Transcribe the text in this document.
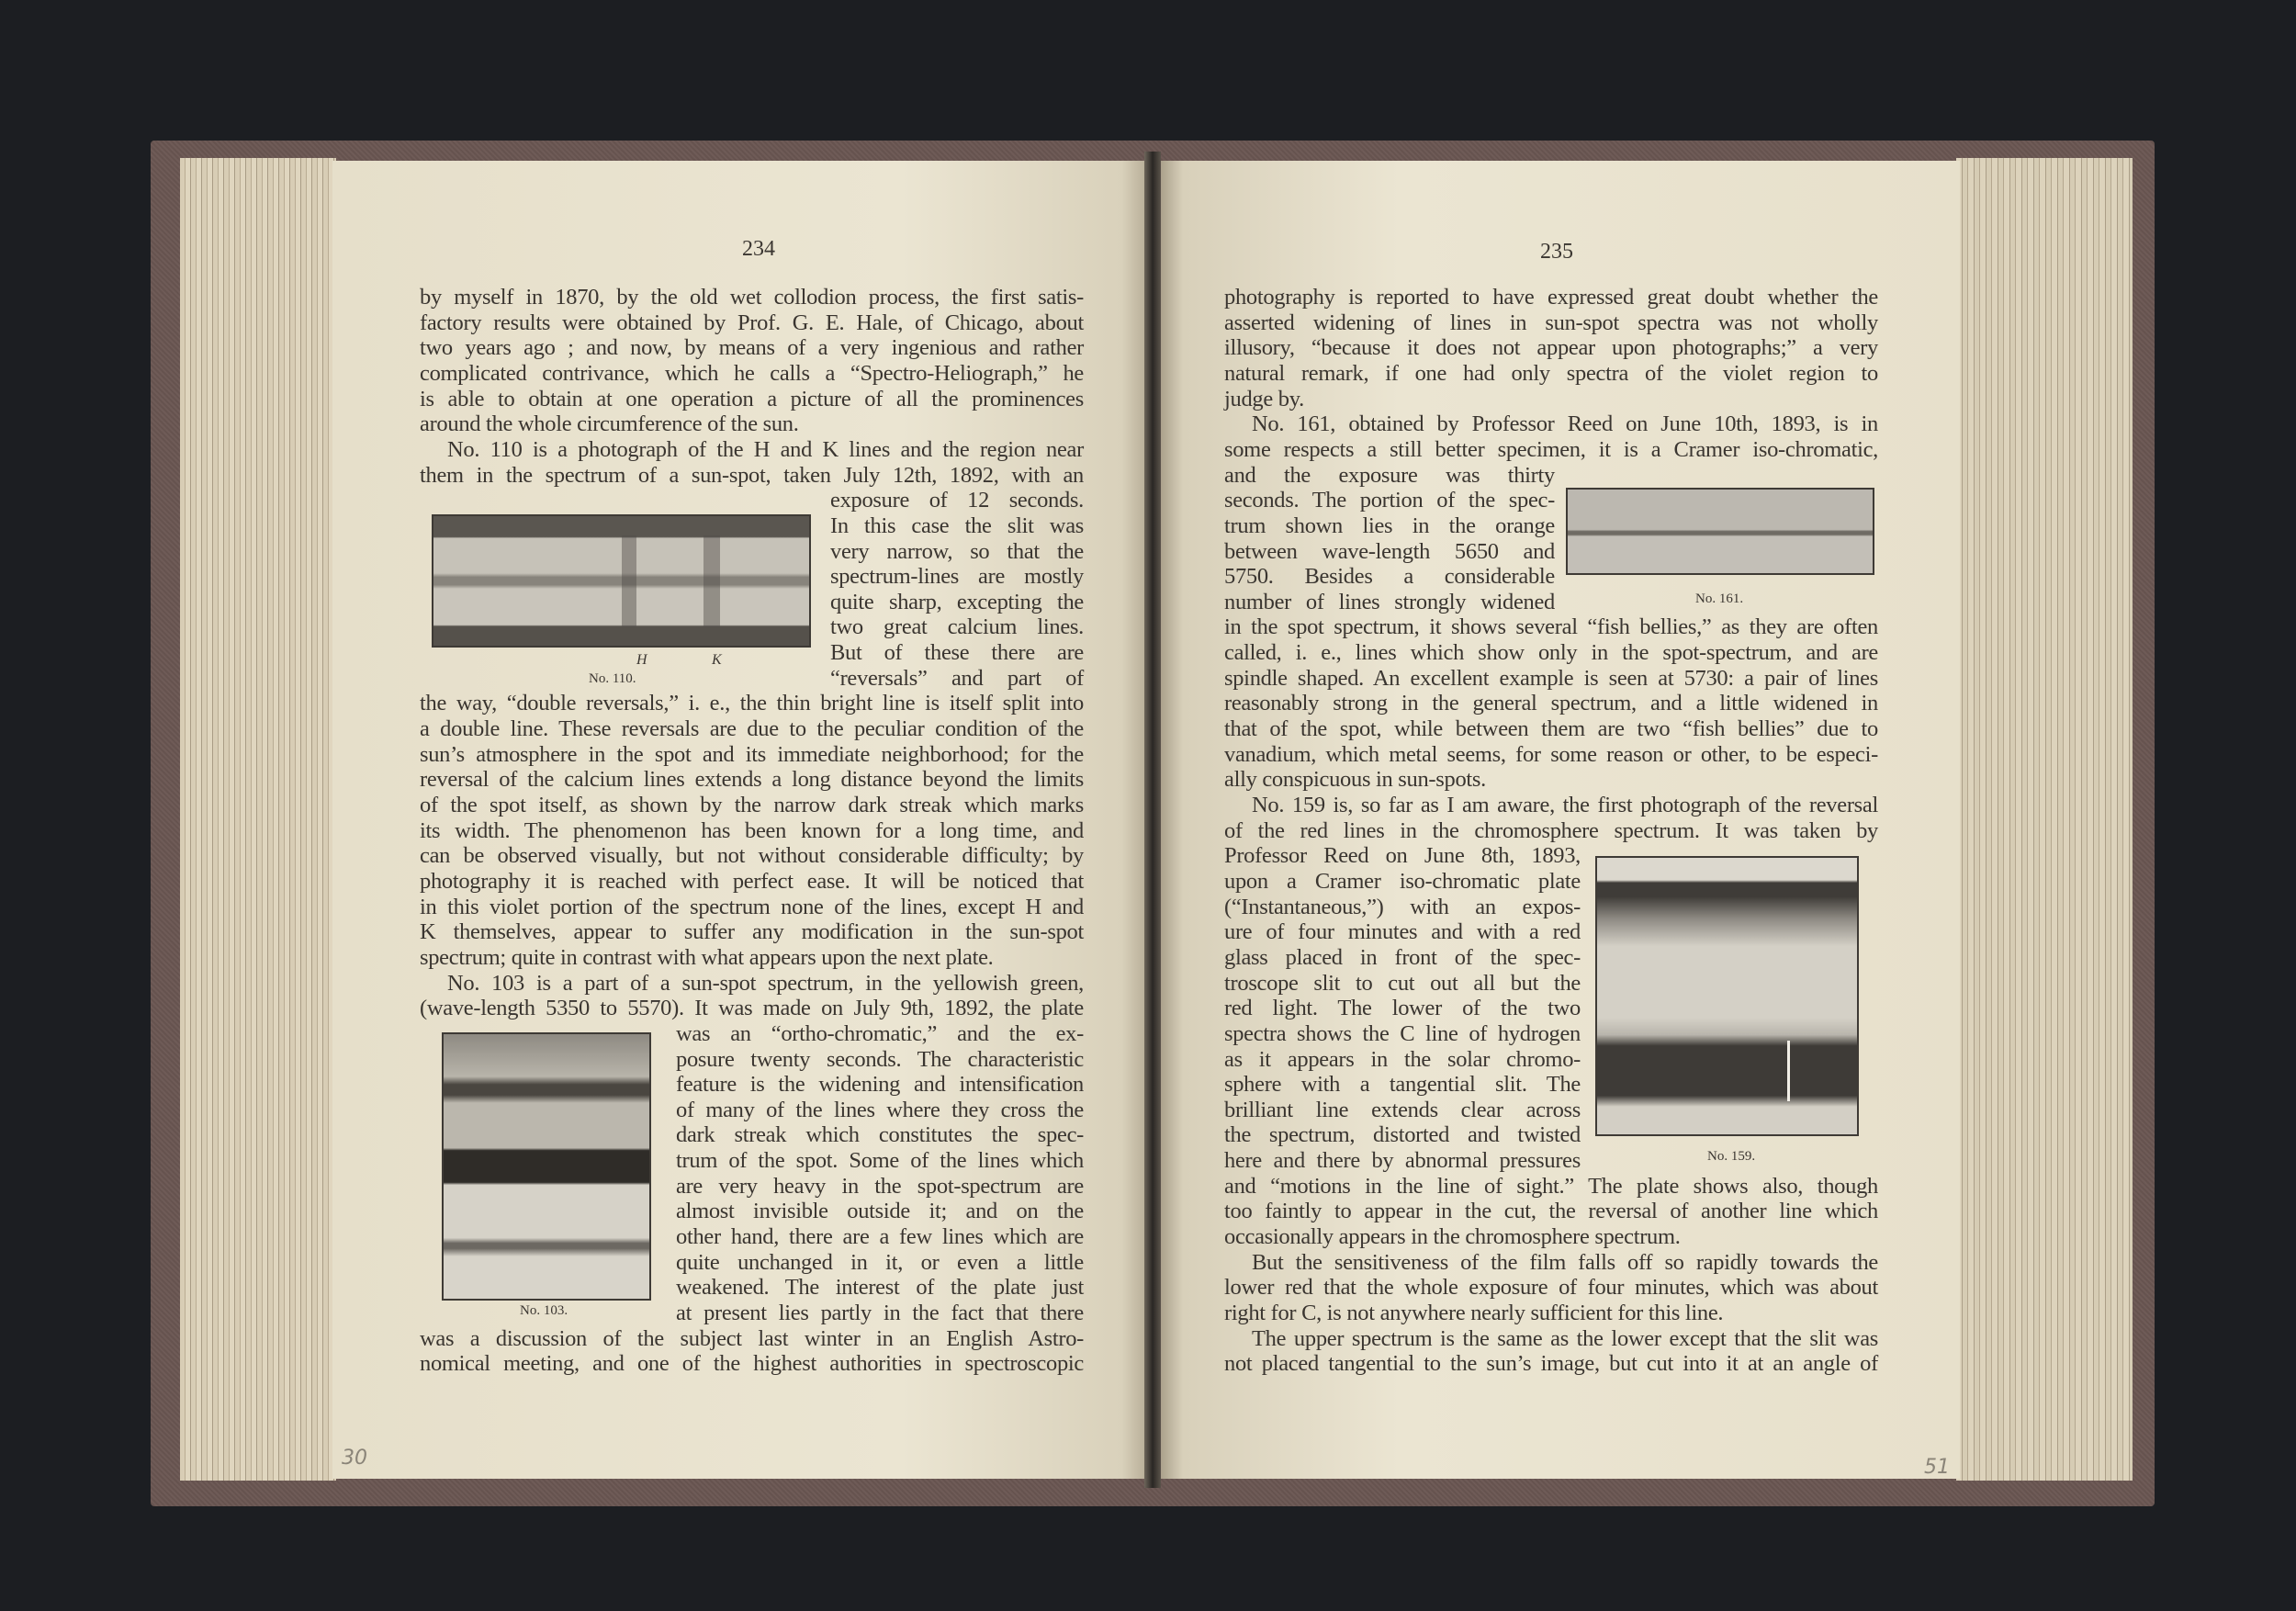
234	235
H	K
No. 110.
No. 103.
No. 161.
No. 159.
30	51
by myself in 1870, by the old wet collodion process, the first satis-
factory results were obtained by Prof. G. E. Hale, of Chicago, about
two years ago ; and now, by means of a very ingenious and rather
complicated contrivance, which he calls a “Spectro-Heliograph,” he
is able to obtain at one operation a picture of all the prominences
around the whole circumference of the sun.
No. 110 is a photograph of the H and K lines and the region near
them in the spectrum of a sun-spot, taken July 12th, 1892, with an
exposure of 12 seconds.
In this case the slit was
very narrow, so that the
spectrum-lines are mostly
quite sharp, excepting the
two great calcium lines.
But of these there are
“reversals” and part of
the way, “double reversals,” i. e., the thin bright line is itself split into
a double line. These reversals are due to the peculiar condition of the
sun’s atmosphere in the spot and its immediate neighborhood; for the
reversal of the calcium lines extends a long distance beyond the limits
of the spot itself, as shown by the narrow dark streak which marks
its width. The phenomenon has been known for a long time, and
can be observed visually, but not without considerable difficulty; by
photography it is reached with perfect ease. It will be noticed that
in this violet portion of the spectrum none of the lines, except H and
K themselves, appear to suffer any modification in the sun-spot
spectrum; quite in contrast with what appears upon the next plate.
No. 103 is a part of a sun-spot spectrum, in the yellowish green,
(wave-length 5350 to 5570). It was made on July 9th, 1892, the plate
was an “ortho-chromatic,” and the ex-
posure twenty seconds. The characteristic
feature is the widening and intensification
of many of the lines where they cross the
dark streak which constitutes the spec-
trum of the spot. Some of the lines which
are very heavy in the spot-spectrum are
almost invisible outside it; and on the
other hand, there are a few lines which are
quite unchanged in it, or even a little
weakened. The interest of the plate just
at present lies partly in the fact that there
was a discussion of the subject last winter in an English Astro-
nomical meeting, and one of the highest authorities in spectroscopic
photography is reported to have expressed great doubt whether the
asserted widening of lines in sun-spot spectra was not wholly
illusory, “because it does not appear upon photographs;” a very
natural remark, if one had only spectra of the violet region to
judge by.
No. 161, obtained by Professor Reed on June 10th, 1893, is in
some respects a still better specimen, it is a Cramer iso-chromatic,
and the exposure was thirty
seconds. The portion of the spec-
trum shown lies in the orange
between wave-length 5650 and
5750. Besides a considerable
number of lines strongly widened
in the spot spectrum, it shows several “fish bellies,” as they are often
called, i. e., lines which show only in the spot-spectrum, and are
spindle shaped. An excellent example is seen at 5730: a pair of lines
reasonably strong in the general spectrum, and a little widened in
that of the spot, while between them are two “fish bellies” due to
vanadium, which metal seems, for some reason or other, to be especi-
ally conspicuous in sun-spots.
No. 159 is, so far as I am aware, the first photograph of the reversal
of the red lines in the chromosphere spectrum. It was taken by
Professor Reed on June 8th, 1893,
upon a Cramer iso-chromatic plate
(“Instantaneous,”) with an expos-
ure of four minutes and with a red
glass placed in front of the spec-
troscope slit to cut out all but the
red light. The lower of the two
spectra shows the C line of hydrogen
as it appears in the solar chromo-
sphere with a tangential slit. The
brilliant line extends clear across
the spectrum, distorted and twisted
here and there by abnormal pressures
and “motions in the line of sight.” The plate shows also, though
too faintly to appear in the cut, the reversal of another line which
occasionally appears in the chromosphere spectrum.
But the sensitiveness of the film falls off so rapidly towards the
lower red that the whole exposure of four minutes, which was about
right for C, is not anywhere nearly sufficient for this line.
The upper spectrum is the same as the lower except that the slit was
not placed tangential to the sun’s image, but cut into it at an angle of
